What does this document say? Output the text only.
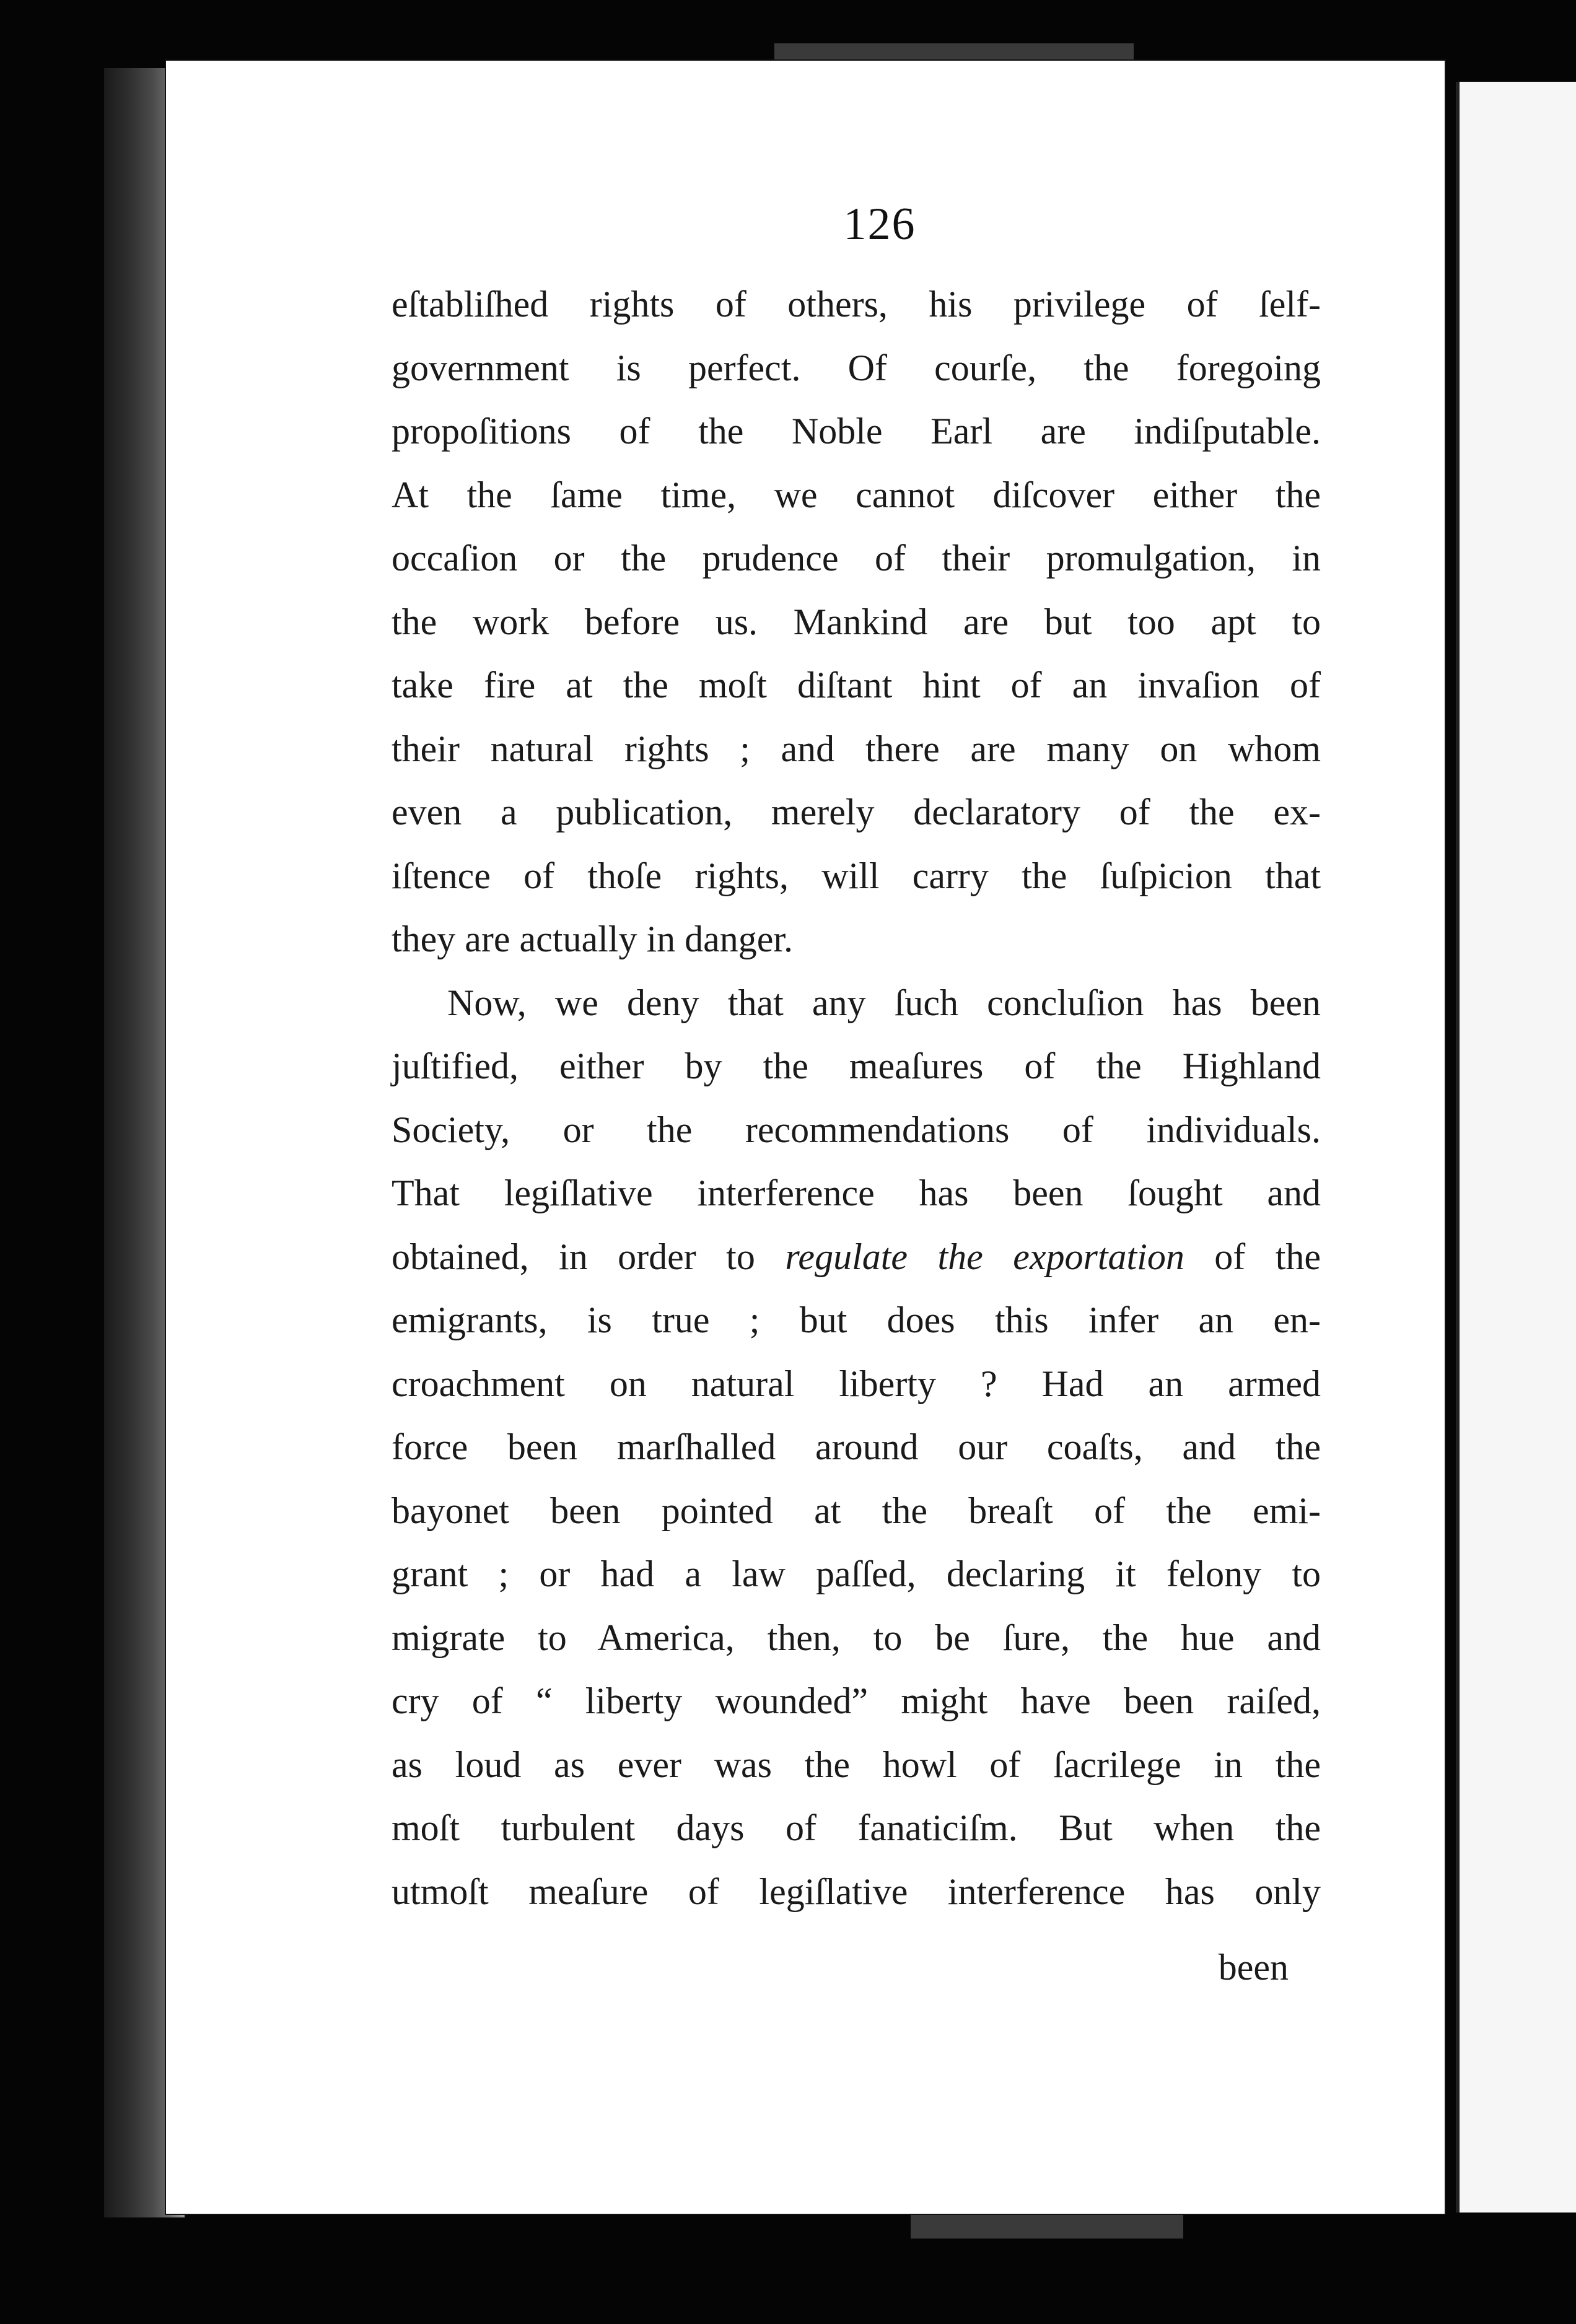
126
eſtabliſhed rights of others, his privilege of ſelf-
government is perfect. Of courſe, the foregoing
propoſitions of the Noble Earl are indiſputable.
At the ſame time, we cannot diſcover either the
occaſion or the prudence of their promulgation, in
the work before us. Mankind are but too apt to
take fire at the moſt diſtant hint of an invaſion of
their natural rights ; and there are many on whom
even a publication, merely declaratory of the ex-
iſtence of thoſe rights, will carry the ſuſpicion that
they are actually in danger.
Now, we deny that any ſuch concluſion has been
juſtified, either by the meaſures of the Highland
Society, or the recommendations of individuals.
That legiſlative interference has been ſought and
obtained, in order to regulate the exportation of the
emigrants, is true ; but does this infer an en-
croachment on natural liberty ? Had an armed
force been marſhalled around our coaſts, and the
bayonet been pointed at the breaſt of the emi-
grant ; or had a law paſſed, declaring it felony to
migrate to America, then, to be ſure, the hue and
cry of “ liberty wounded” might have been raiſed,
as loud as ever was the howl of ſacrilege in the
moſt turbulent days of fanaticiſm. But when the
utmoſt meaſure of legiſlative interference has only
been
